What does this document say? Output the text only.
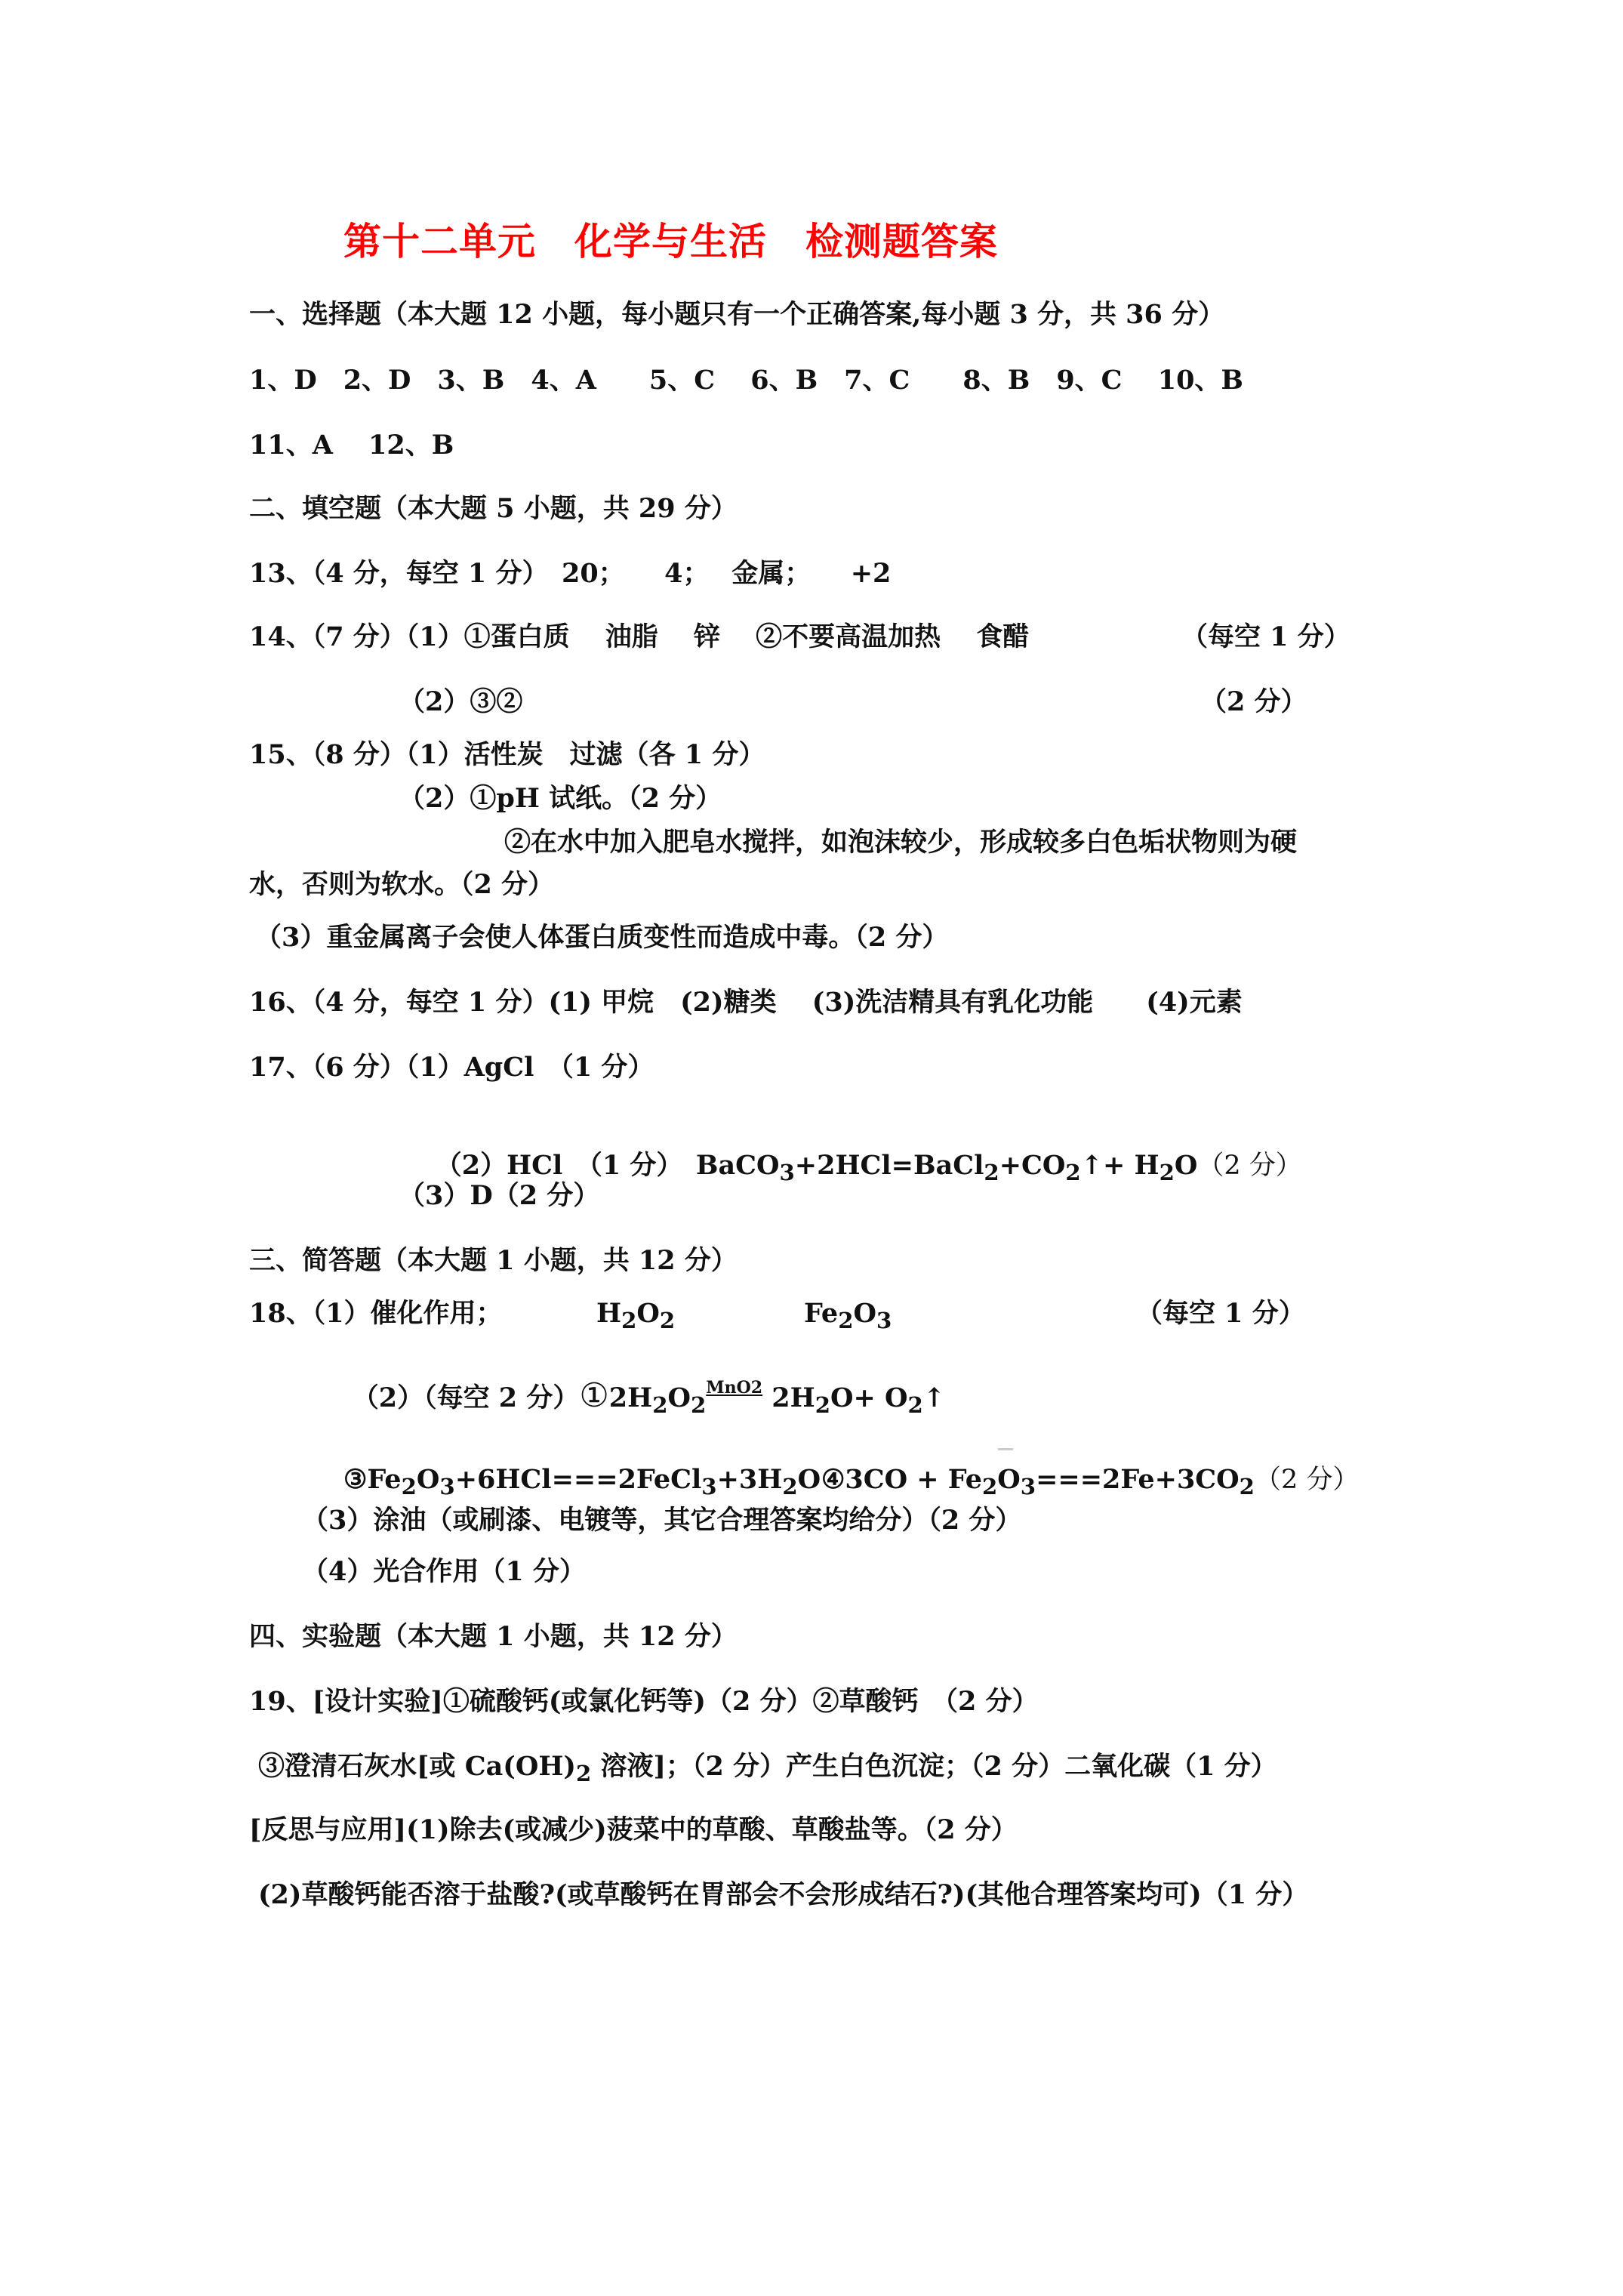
第十二单元　化学与生活　检测题答案
一、选择题（本大题 12 小题，每小题只有一个正确答案,每小题 3 分，共 36 分）
1、D　2、D　3、B　4、A　　5、C　 6、B　7、C　　8、B　9、C　 10、B
11、A　 12、B
二、填空题（本大题 5 小题，共 29 分）
13、（4 分，每空 1 分）　20；　　4；　 金属；　　+2
14、（7 分）（1）①蛋白质　 油脂　 锌　 ②不要高温加热　 食醋	（每空 1 分）
（2）③②	（2 分）
15、（8 分）（1）活性炭　过滤（各 1 分）
（2）①pH 试纸。（2 分）
②在水中加入肥皂水搅拌，如泡沫较少，形成较多白色垢状物则为硬
水，否则为软水。（2 分）
（3）重金属离子会使人体蛋白质变性而造成中毒。（2 分）
16、（4 分，每空 1 分）(1) 甲烷　(2)糖类　 (3)洗洁精具有乳化功能　　(4)元素
17、（6 分）（1）AgCl　（1 分）

（2）HCl　（1 分）　$BaCO_3+2HCl=BaCl_2+CO_2↑+ H_2O(2$ 分）

（3）D（2 分）
三、简答题（本大题 1 小题，共 12 分）
18、（1）催化作用；	$H_2O_2$	$Fe_2O_3$	（每空 1 分）

（2）（每空 2 分）$①2H_2O_2^{MnO2}$ $2H_2O+$ $O_2↑$

$③Fe_2O_3+6HCl===2FeCl_3+3H_2O$ ④3CO + $Fe_2O_3===2Fe+3CO_2(2$ 分）
（3）涂油（或刷漆、电镀等，其它合理答案均给分）（2 分）
（4）光合作用（1 分）
四、实验题（本大题 1 小题，共 12 分）
19、[设计实验]①硫酸钙(或氯化钙等)（2 分）②草酸钙　（2 分）
③澄清石灰水[或 $Ca(OH)_2$ 溶液]；（2 分）产生白色沉淀；（2 分）二氧化碳（1 分）
[反思与应用](1)除去(或减少)菠菜中的草酸、草酸盐等。（2 分）
(2)草酸钙能否溶于盐酸?(或草酸钙在胃部会不会形成结石?)(其他合理答案均可)（1 分）
